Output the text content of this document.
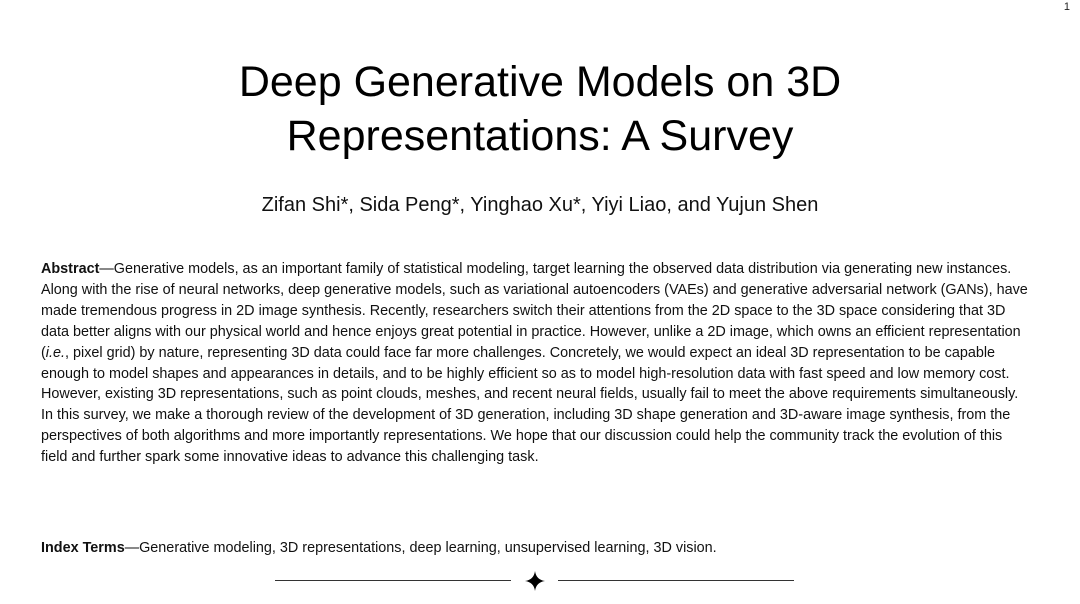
1
Deep Generative Models on 3D
Representations: A Survey
Zifan Shi*, Sida Peng*, Yinghao Xu*, Yiyi Liao, and Yujun Shen

Abstract—Generative models, as an important family of statistical modeling, target learning the observed data distribution via generating new instances. Along with the rise of neural networks, deep generative models, such as variational autoencoders (VAEs) and generative adversarial network (GANs), have made tremendous progress in 2D image synthesis. Recently, researchers switch their attentions from the 2D space to the 3D space considering that 3D data better aligns with our physical world and hence enjoys great potential in practice. However, unlike a 2D image, which owns an efficient representation (i.e., pixel grid) by nature, representing 3D data could face far more challenges. Concretely, we would expect an ideal 3D representation to be capable enough to model shapes and appearances in details, and to be highly efficient so as to model high-resolution data with fast speed and low memory cost. However, existing 3D representations, such as point clouds, meshes, and recent neural fields, usually fail to meet the above requirements simultaneously. In this survey, we make a thorough review of the development of 3D generation, including 3D shape generation and 3D-aware image synthesis, from the perspectives of both algorithms and more importantly representations. We hope that our discussion could help the community track the evolution of this field and further spark some innovative ideas to advance this challenging task.

Index Terms—Generative modeling, 3D representations, deep learning, unsupervised learning, 3D vision.
